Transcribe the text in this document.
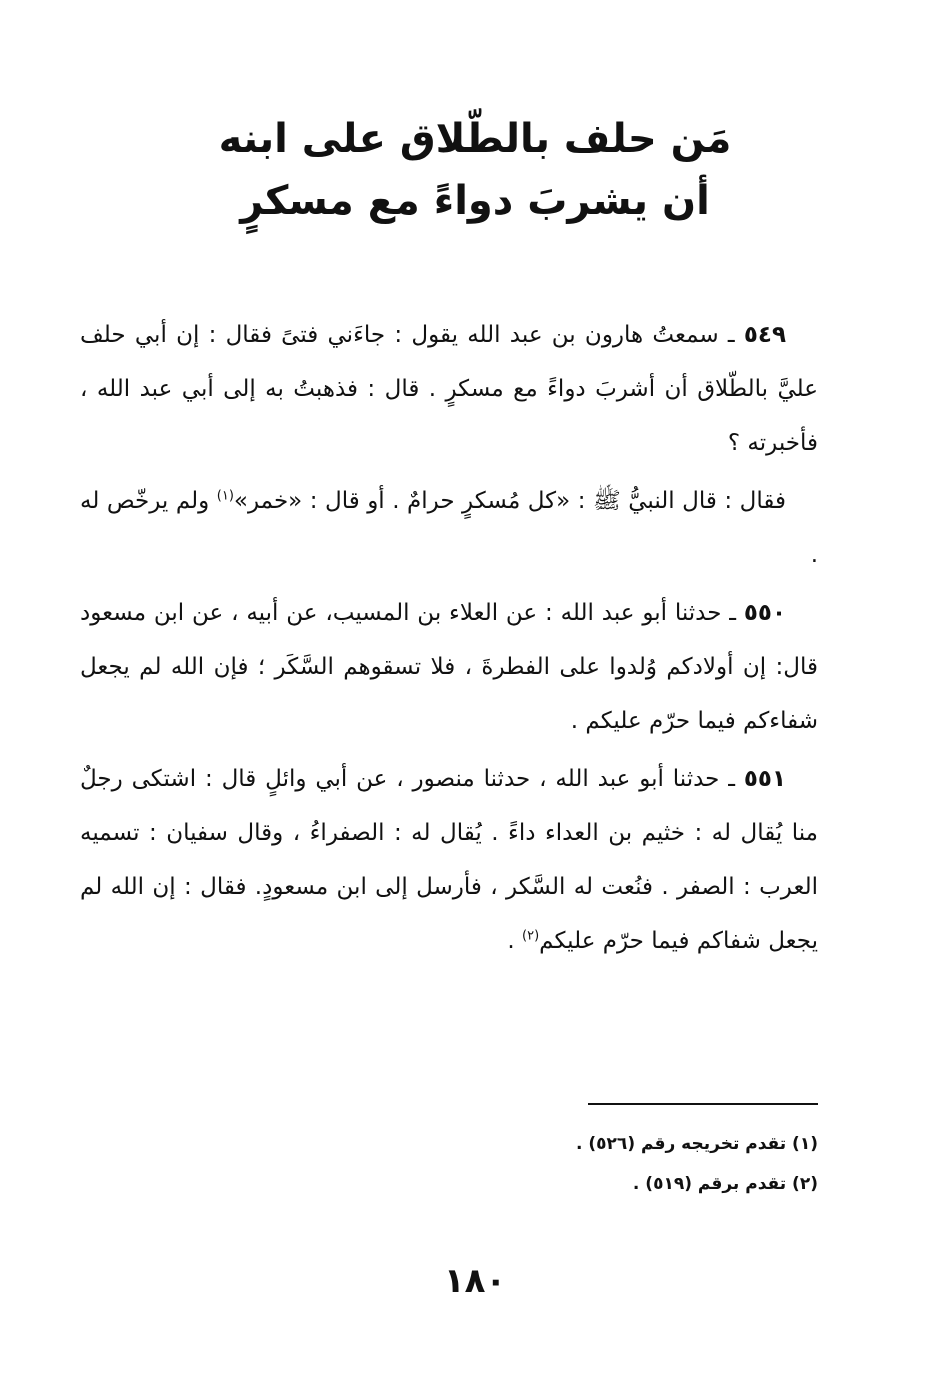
مَن حلف بالطّلاق على ابنه
أن يشربَ دواءً مع مسكرٍ

٥٤٩ ـ سمعتُ هارون بن عبد الله يقول : جاءَني فتىً فقال : إن أبي حلف عليَّ بالطّلاق أن أشربَ دواءً مع مسكرٍ . قال : فذهبتُ به إلى أبي عبد الله ، فأخبرته ؟

فقال : قال النبيُّ ﷺ : «كل مُسكرٍ حرامٌ . أو قال : «خمر»$^{(١)}$ ولم يرخّص له .

٥٥٠ ـ حدثنا أبو عبد الله : عن العلاء بن المسيب، عن أبيه ، عن ابن مسعود قال: إن أولادكم وُلدوا على الفطرةَ ، فلا تسقوهم السَّكَر ؛ فإن الله لم يجعل شفاءكم فيما حرّم عليكم .

٥٥١ ـ حدثنا أبو عبد الله ، حدثنا منصور ، عن أبي وائلٍ قال : اشتكى رجلٌ منا يُقال له : خثيم بن العداء داءً . يُقال له : الصفراءُ ، وقال سفيان : تسميه العرب : الصفر . فنُعت له السَّكر ، فأرسل إلى ابن مسعودٍ. فقال : إن الله لم يجعل شفاكم فيما حرّم عليكم$^{(٢)}$ .

(١) تقدم تخريجه رقم (٥٢٦) .
(٢) تقدم برقم (٥١٩) .
١٨٠
